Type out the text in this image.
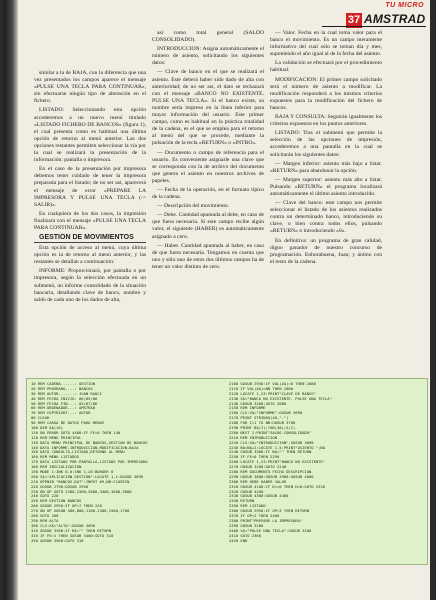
TU MICRO
37 AMSTRAD

similar a la de BAJA, con la diferencia que una vez presentados los campos aparece el mensaje «PULSE UNA TECLA PARA CONTINUAR», sin efectuarse ningún tipo de alteración en el fichero.

LISTADO: Seleccionando esta opción accederemos a un nuevo menú titulado «LISTADO FICHERO DE BANCOS» (figura 1), el cual presenta como es habitual una última opción de retorno al menú anterior. Las dos opciones restantes permiten seleccionar la vía por la cual se realizará la presentación de la información: pantalla o impresora.

En el caso de la presentación por impresora debemos tener cuidado de tener la impresora preparada para el listado; de no ser así, aparecerá el mensaje de error «PREPARE LA IMPRESORA Y PULSE UNA TECLA (-> SALIR)».

En cualquiera de los dos casos, la impresión finalizará con el mensaje «PULSE UNA TECLA PARA CONTINUAR».

GESTION DE MOVIMIENTOS

Esta opción de acceso al menú, cuya última opción es la de retorno al menú anterior, y las restantes se detallan a continuación:

INFORME: Proporcionará, por pantalla o por impresora, según la selección efectuada en un submenú, un informe consolidado de la situación bancaria, detallando clave de banco, nombre y saldo de cada uno de los dados de alta,

así como total general (SALDO CONSOLIDADO).

INTRODUCCION: Asigna automáticamente el número de asiento, solicitando los siguientes datos:

— Clave de banco en el que se realizará el asiento. Este deberá haber sido dado de alta con anterioridad; de no ser así, el dato se rechazará con el mensaje «BANCO NO EXISTENTE. PULSE UNA TECLA». Si el banco existe, su nombre sería impreso en la línea inferior para mayor información del usuario. Este primer campo, como es habitual en la práctica totalidad de la cadena, es el que se emplea para el retorno al menú del que se procede, mediante la pulsación de la tecla «RETURN» o «INTRO».

— Documento o campo de referencia para el usuario. Es conveniente asignarle una clave que se corresponda con la de archivo del documento que genera el asiento en nuestros archivos de papeles.

— Fecha de la operación, en el formato típico de la cadena.

— Descripción del movimiento.

— Debe. Cantidad apuntada al debe, en caso de que fuera necesaria. Si este campo recibe algún valor, el siguiente (HABER) es automáticamente asignado a cero.

— Haber. Cantidad apuntada al haber, en caso de que fuera necesaria. Tengamos en cuenta que uno y sólo uno de estos dos últimos campos ha de tener un valor distinto de cero.

— Valor. Fecha en la cual toma valor para el banco el movimiento. Es un campo meramente informativo del cual sólo se toman día y mes, suponiendo el año igual al de la fecha del asiento.

La validación se efectuará por el procedimiento habitual.

MODIFICACION: El primer campo solicitado será el número de asiento a modificar. La modificación responderá a los mismos criterios expuestos para la modificación del fichero de bancos.

BAJA Y CONSULTA: Seguirán igualmente los criterios expuestos en los puntos anteriores.

LISTADO: Tras el submenú que permite la selección de las opciones de impresión, accederemos a una pantalla en la cual se solicitarán los siguientes datos:

— Margen inferior: asiento más bajo a listar. «RETURN» para abandonar la opción.

— Margen superior: asiento más alto a listar. Pulsando «RETURN» el programa localizará automáticamente el último asiento introducido.

— Clave del banco: este campo nos permite seleccionar el listado de los asientos realizados contra un determinado banco, introduciendo su clave, o bien contra todos ellos, pulsando «RETURN» o introduciendo «0».

En definitiva: un programa de gran calidad, digno ganador de nuestro concurso de programación. Enhorabuena, Juan; y ánimo con el resto de la cadena.

10 REM CADENA......: GESTION
20 REM PROGRAMA....: BANCOS
30 REM AUTOR.......: JUAN RAUCI
40 REM FECHA INICIO: 06/05/86
50 REM FECHA FIN...: 03/07/86
60 REM ORDENADOR...: AMSTRAD
70 REM COPYRIGHT...: AUTOR
80 CLEAR
90 REM CARGA DE DATOS PARA MENUS
100 DIM A$(10)
110 ON ERROR GOTO 4480:IF FE=0 THEN 140
120 REM MENU PRINCIPAL
130 DATA MENU PRINCIPAL DE BANCOS,GESTION DE BANCOS
140 DATA INFORME,INTRODUCCION,MODIFICACION,BAJA
150 DATA CONSULTA,LISTADO,RETORNO AL MENU
160 REM MENU LISTADOS
170 DATA LISTADO POR PANTALLA,LISTADO POR IMPRESORA
180 REM INICIALIZACION
190 MODE 1:INK 0,0:INK 1,26:BORDER 0
200 X$="APLICACION GESTION":LOCATE 1,1:GOSUB 3090
210 OPENIN "BANCOS.DAT":INPUT #9,NB:CLOSEIN
220 GOSUB 2790:GOSUB 2950
230 ON OP GOTO 2200,2300,2800,3400,3600,3800
240 GOTO 220
250 REM GESTION BANCOS
260 GOSUB 2950:IF OP=7 THEN 220
270 ON OP GOSUB 500,800,1100,1300,1500,1700
280 GOTO 260
290 REM ALTA
300 CLS:X$="ALTA":GOSUB 3090
310 GOSUB 3300:IF B$="" THEN RETURN
320 IF FE=1 THEN GOSUB 3400:GOTO 310
330 GOSUB 3500:GOTO 310
2100 GOSUB 2950:IF VAL(A$)=0 THEN 2080
2110 IF VAL(A$)>NB THEN 2080
2120 LOCATE 1,23:PRINT"CLAVE DE BANCO"
2130 X$="BANCO NO EXISTENTE. PULSE UNA TECLA"
2140 GOSUB 3200:GOTO 2080
2150 REM INFORME
2160 CLS:X$="INFORME":GOSUB 3090
2170 PRINT STRING$(40,"-")
2180 FOR I=1 TO NB:GOSUB 3700
2190 PRINT B$(I);TAB(30);S(I)
2200 NEXT I:PRINT"SALDO CONSOLIDADO"
2210 REM INTRODUCCION
2220 CLS:X$="INTRODUCCION":GOSUB 3090
2230 NA=NA+1:LOCATE 1,5:PRINT"ASIENTO ";NA
2240 GOSUB 3300:IF B$="" THEN RETURN
2250 IF FE=0 THEN 2290
2260 LOCATE 1,23:PRINT"BANCO NO EXISTENTE"
2270 GOSUB 3200:GOTO 2240
2280 REM DOCUMENTO FECHA DESCRIPCION
2290 GOSUB 3800:GOSUB 3900:GOSUB 4000
2300 REM DEBE HABER VALOR
2310 GOSUB 4100:IF D<>0 THEN H=0:GOTO 2330
2320 GOSUB 4200
2330 GOSUB 4300:GOSUB 4400
2340 RETURN
2350 REM LISTADO
2360 GOSUB 2950:IF OP=3 THEN RETURN
2370 IF OP=2 THEN 2400
2380 PRINT"PREPARE LA IMPRESORA"
2390 GOSUB 3200
2400 X$="PULSE UNA TECLA":GOSUB 3200
2410 GOTO 2360
2420 END
